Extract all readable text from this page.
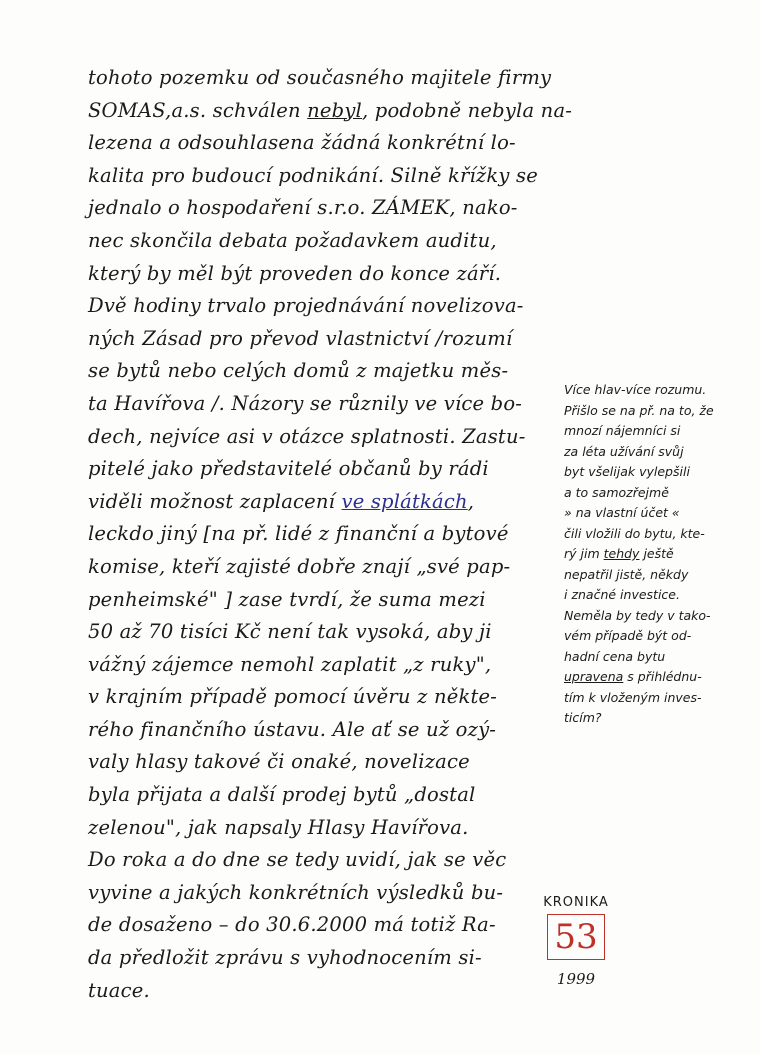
tohoto pozemku od současného majitele firmy
SOMAS,a.s. schválen nebyl, podobně nebyla na-
lezena a odsouhlasena žádná konkrétní lo-
kalita pro budoucí podnikání. Silně křížky se
jednalo o hospodaření s.r.o. ZÁMEK, nako-
nec skončila debata požadavkem auditu,
který by měl být proveden do konce září.
Dvě hodiny trvalo projednávání novelizova-
ných Zásad pro převod vlastnictví /rozumí
se bytů nebo celých domů z majetku měs-
ta Havířova /. Názory se různily ve více bo-
dech, nejvíce asi v otázce splatnosti. Zastu-
pitelé jako představitelé občanů by rádi
viděli možnost zaplacení ve splátkách,
leckdo jiný [na př. lidé z finanční a bytové
komise, kteří zajisté dobře znají „své pap-
penheimské" ] zase tvrdí, že suma mezi
50 až 70 tisíci Kč není tak vysoká, aby ji
vážný zájemce nemohl zaplatit „z ruky",
v krajním případě pomocí úvěru z někte-
rého finančního ústavu. Ale ať se už ozý-
valy hlasy takové či onaké, novelizace
byla přijata a další prodej bytů „dostal
zelenou", jak napsaly Hlasy Havířova.
Do roka a do dne se tedy uvidí, jak se věc
vyvine a jakých konkrétních výsledků bu-
de dosaženo – do 30.6.2000 má totiž Ra-
da předložit zprávu s vyhodnocením si-
tuace.
Více hlav-více rozumu.
Přišlo se na př. na to, že
mnozí nájemníci si
za léta užívání svůj
byt všelijak vylepšili
a to samozřejmě
» na vlastní účet «
čili vložili do bytu, kte-
rý jim tehdy ještě
nepatřil jistě, někdy
i značné investice.
Neměla by tedy v tako-
vém případě být od-
hadní cena bytu
upravena s přihlédnu-
tím k vloženým inves-
ticím?
KRONIKA
53
1999
